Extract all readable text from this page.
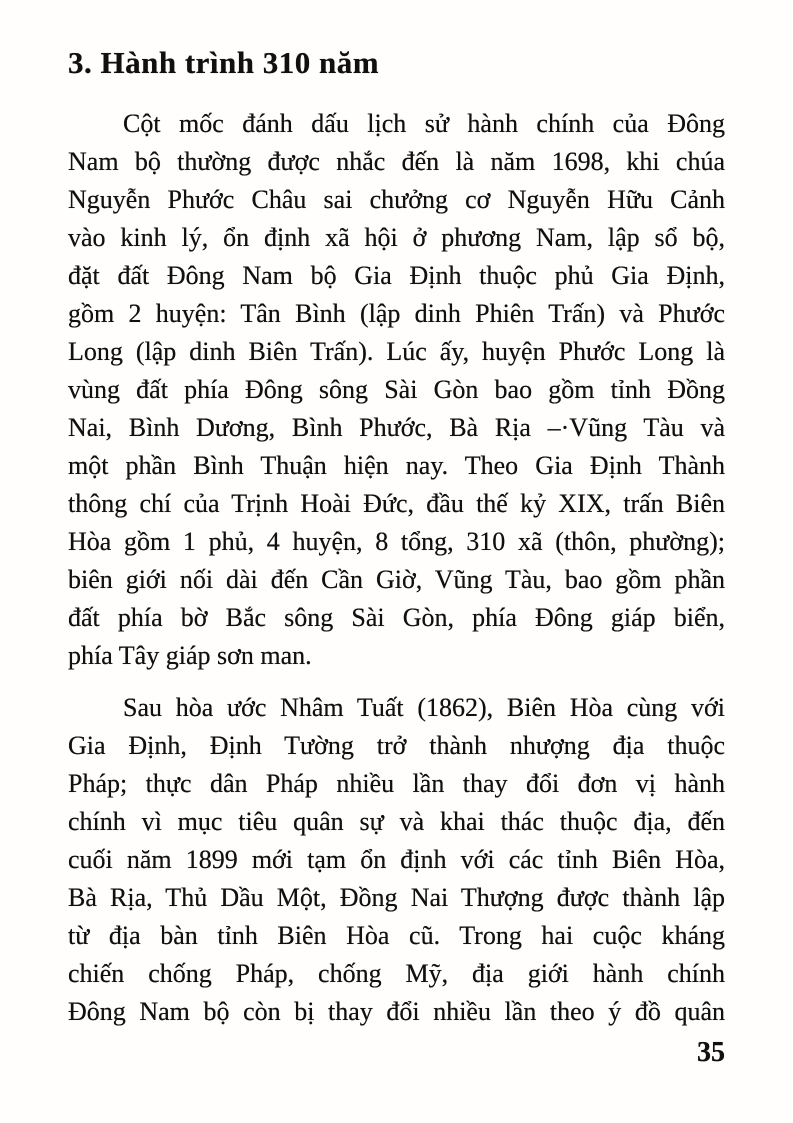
3. Hành trình 310 năm
Cột mốc đánh dấu lịch sử hành chính của Đông
Nam bộ thường được nhắc đến là năm 1698, khi chúa
Nguyễn Phước Châu sai chưởng cơ Nguyễn Hữu Cảnh
vào kinh lý, ổn định xã hội ở phương Nam, lập sổ bộ,
đặt đất Đông Nam bộ Gia Định thuộc phủ Gia Định,
gồm 2 huyện: Tân Bình (lập dinh Phiên Trấn) và Phước
Long (lập dinh Biên Trấn). Lúc ấy, huyện Phước Long là
vùng đất phía Đông sông Sài Gòn bao gồm tỉnh Đồng
Nai, Bình Dương, Bình Phước, Bà Rịa –·Vũng Tàu và
một phần Bình Thuận hiện nay. Theo Gia Định Thành
thông chí của Trịnh Hoài Đức, đầu thế kỷ XIX, trấn Biên
Hòa gồm 1 phủ, 4 huyện, 8 tổng, 310 xã (thôn, phường);
biên giới nối dài đến Cần Giờ, Vũng Tàu, bao gồm phần
đất phía bờ Bắc sông Sài Gòn, phía Đông giáp biển,
phía Tây giáp sơn man.
Sau hòa ước Nhâm Tuất (1862), Biên Hòa cùng với
Gia Định, Định Tường trở thành nhượng địa thuộc
Pháp; thực dân Pháp nhiều lần thay đổi đơn vị hành
chính vì mục tiêu quân sự và khai thác thuộc địa, đến
cuối năm 1899 mới tạm ổn định với các tỉnh Biên Hòa,
Bà Rịa, Thủ Dầu Một, Đồng Nai Thượng được thành lập
từ địa bàn tỉnh Biên Hòa cũ. Trong hai cuộc kháng
chiến chống Pháp, chống Mỹ, địa giới hành chính
Đông Nam bộ còn bị thay đổi nhiều lần theo ý đồ quân
35
